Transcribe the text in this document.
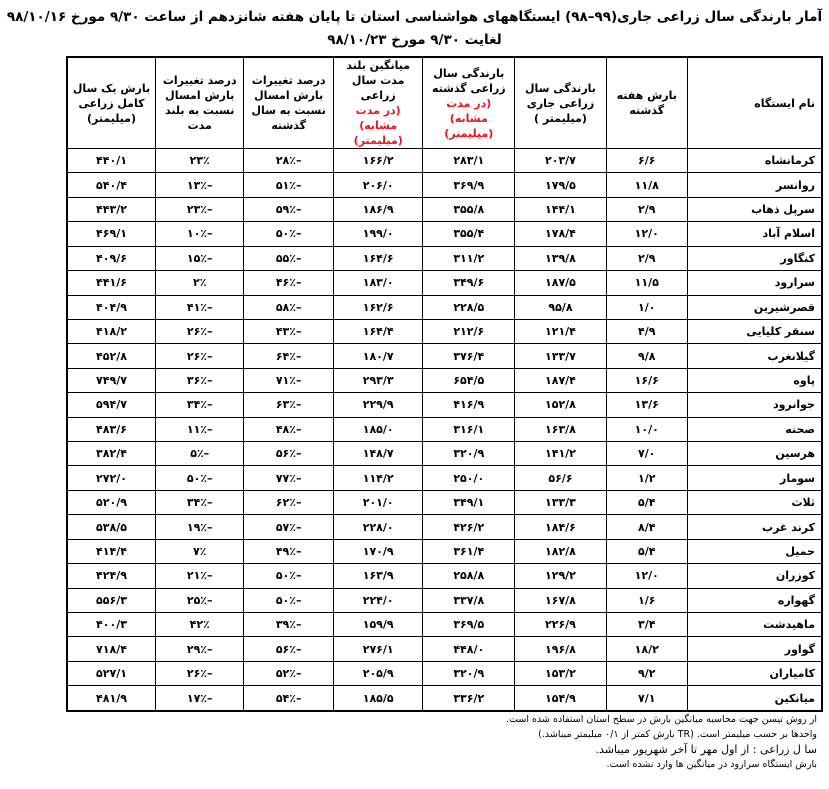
آمار بارندگی سال زراعی جاری(۹۹–۹۸) ایستگاههای هواشناسی استان تا پایان هفته شانزدهم از ساعت ۹/۳۰ مورخ ۹۸/۱۰/۱۶ لغایت ۹/۳۰ مورخ ۹۸/۱۰/۲۳
نام ایستگاه	بارش هفته گذشته	بارندگی سال زراعی جاری (میلیمتر )	بارندگی سال زراعی گذشته
(در مدت مشابه) (میلیمتر)	میانگین بلند مدت سال زراعی
(در مدت مشابه) (میلیمتر)	درصد تغییرات بارش امسال نسبت به سال گذشته	درصد تغییرات بارش امسال نسبت به بلند مدت	بارش یک سال کامل زراعی (میلیمتر)
کرمانشاه	۶/۶	۲۰۳/۷	۲۸۳/۱	۱۶۶/۲	–۲۸٪	۲۳٪	۴۴۰/۱
روانسر	۱۱/۸	۱۷۹/۵	۳۶۹/۹	۲۰۶/۰	–۵۱٪	–۱۳٪	۵۴۰/۴
سرپل ذهاب	۲/۹	۱۴۴/۱	۳۵۵/۸	۱۸۶/۹	–۵۹٪	–۲۳٪	۴۴۳/۲
اسلام آباد	۱۲/۰	۱۷۸/۴	۳۵۵/۴	۱۹۹/۰	–۵۰٪	–۱۰٪	۴۶۹/۱
کنگاور	۲/۹	۱۳۹/۸	۳۱۱/۲	۱۶۴/۶	–۵۵٪	–۱۵٪	۴۰۹/۶
سرارود	۱۱/۵	۱۸۷/۵	۳۴۹/۶	۱۸۳/۰	–۴۶٪	۲٪	۴۴۱/۶
قصرشیرین	۱/۰	۹۵/۸	۲۲۸/۵	۱۶۲/۶	–۵۸٪	–۴۱٪	۴۰۴/۹
سنقر کلیایی	۴/۹	۱۲۱/۴	۲۱۲/۶	۱۶۴/۴	–۴۳٪	–۲۶٪	۴۱۸/۲
گیلانغرب	۹/۸	۱۳۳/۷	۳۷۶/۴	۱۸۰/۷	–۶۴٪	–۲۶٪	۴۵۲/۸
پاوه	۱۶/۶	۱۸۷/۴	۶۵۴/۵	۲۹۳/۳	–۷۱٪	–۳۶٪	۷۴۹/۷
جوانرود	۱۳/۶	۱۵۲/۸	۴۱۶/۹	۲۲۹/۹	–۶۳٪	–۳۴٪	۵۹۴/۷
صحنه	۱۰/۰	۱۶۳/۸	۳۱۶/۱	۱۸۵/۰	–۴۸٪	–۱۱٪	۴۸۳/۶
هرسین	۷/۰	۱۴۱/۲	۳۲۰/۹	۱۴۸/۷	–۵۶٪	–۵٪	۳۸۲/۴
سومار	۱/۲	۵۶/۶	۲۵۰/۰	۱۱۴/۲	–۷۷٪	–۵۰٪	۲۷۲/۰
ثلاث	۵/۴	۱۳۳/۳	۳۴۹/۱	۲۰۱/۰	–۶۲٪	–۳۴٪	۵۲۰/۹
کرند غرب	۸/۴	۱۸۴/۶	۴۲۶/۲	۲۲۸/۰	–۵۷٪	–۱۹٪	۵۳۸/۵
حمیل	۵/۴	۱۸۲/۸	۳۶۱/۴	۱۷۰/۹	–۴۹٪	۷٪	۴۱۴/۴
کوزران	۱۲/۰	۱۲۹/۲	۲۵۸/۸	۱۶۳/۹	–۵۰٪	–۲۱٪	۴۲۴/۹
گهواره	۱/۶	۱۶۷/۸	۳۳۷/۸	۲۲۴/۰	–۵۰٪	–۲۵٪	۵۵۶/۳
ماهیدشت	۳/۴	۲۲۶/۹	۳۶۹/۵	۱۵۹/۹	–۳۹٪	۴۲٪	۴۰۰/۳
گواور	۱۸/۲	۱۹۶/۸	۴۴۸/۰	۲۷۶/۱	–۵۶٪	–۲۹٪	۷۱۸/۴
کامیاران	۹/۲	۱۵۳/۲	۳۲۰/۹	۲۰۵/۹	–۵۲٪	–۲۶٪	۵۲۷/۱
میانکین	۷/۱	۱۵۴/۹	۳۳۶/۲	۱۸۵/۵	–۵۴٪	–۱۷٪	۴۸۱/۹
از روش تیسن جهت محاسبه میانگین بارش در سطح استان استفاده شده است.
واحدها بر حسب میلیمتر است. (TR بارش کمتر از ۰/۱ میلیمتر میباشد.)
سا ل زراعی : از اول مهر تا آخر شهریور میباشد.
بارش ایستگاه سرارود در میانگین ها وارد نشده است.
